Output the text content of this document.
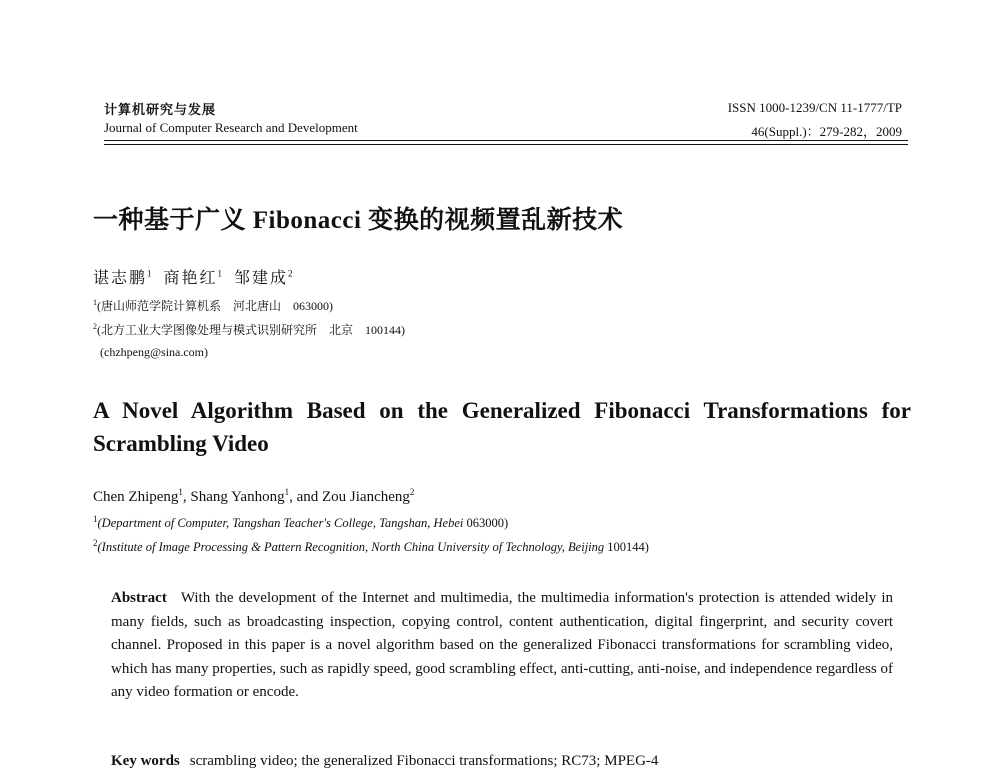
计算机研究与发展
Journal of Computer Research and Development
ISSN 1000-1239/CN 11-1777/TP
46(Suppl.)：279-282，2009
一种基于广义 Fibonacci 变换的视频置乱新技术
谌志鹏$^1$ 商艳红$^1$ 邹建成$^2$
$^1$(唐山师范学院计算机系　河北唐山　063000)
$^2$(北方工业大学图像处理与模式识别研究所　北京　100144)
(chzhpeng@sina.com)
A Novel Algorithm Based on the Generalized Fibonacci Transformations for Scrambling Video
Chen Zhipeng$^1$, Shang Yanhong$^1$, and Zou Jiancheng$^2$
$^1$(Department of Computer, Tangshan Teacher's College, Tangshan, Hebei 063000)
$^2$(Institute of Image Processing & Pattern Recognition, North China University of Technology, Beijing 100144)
Abstract With the development of the Internet and multimedia, the multimedia information's protection is attended widely in many fields, such as broadcasting inspection, copying control, content authentication, digital fingerprint, and security covert channel. Proposed in this paper is a novel algorithm based on the generalized Fibonacci transformations for scrambling video, which has many properties, such as rapidly speed, good scrambling effect, anti-cutting, anti-noise, and independence regardless of any video formation or encode.
Key words scrambling video; the generalized Fibonacci transformations; RC73; MPEG-4
